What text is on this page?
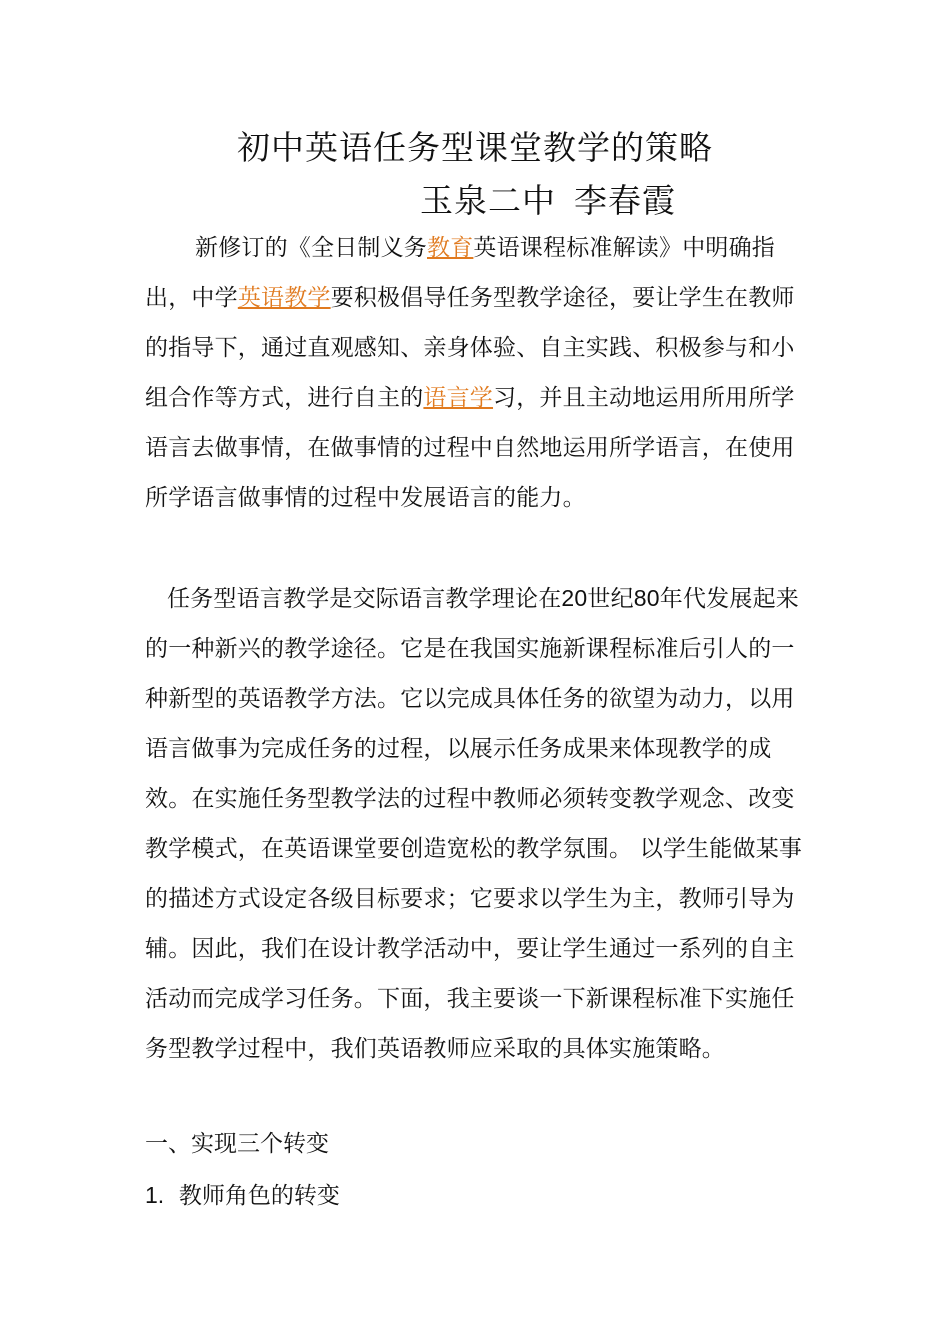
初中英语任务型课堂教学的策略
玉泉二中 李春霞

新修订的《全日制义务教育英语课程标准解读》中明确指出，中学英语教学要积极倡导任务型教学途径，要让学生在教师的指导下，通过直观感知、亲身体验、自主实践、积极参与和小组合作等方式，进行自主的语言学习，并且主动地运用所用所学语言去做事情，在做事情的过程中自然地运用所学语言，在使用所学语言做事情的过程中发展语言的能力。

任务型语言教学是交际语言教学理论在20世纪80年代发展起来的一种新兴的教学途径。它是在我国实施新课程标准后引人的一种新型的英语教学方法。它以完成具体任务的欲望为动力，以用语言做事为完成任务的过程，以展示任务成果来体现教学的成效。在实施任务型教学法的过程中教师必须转变教学观念、改变教学模式，在英语课堂要创造宽松的教学氛围。 以学生能做某事的描述方式设定各级目标要求；它要求以学生为主，教师引导为辅。因此，我们在设计教学活动中，要让学生通过一系列的自主活动而完成学习任务。下面，我主要谈一下新课程标准下实施任务型教学过程中，我们英语教师应采取的具体实施策略。

一、实现三个转变

1. 教师角色的转变
